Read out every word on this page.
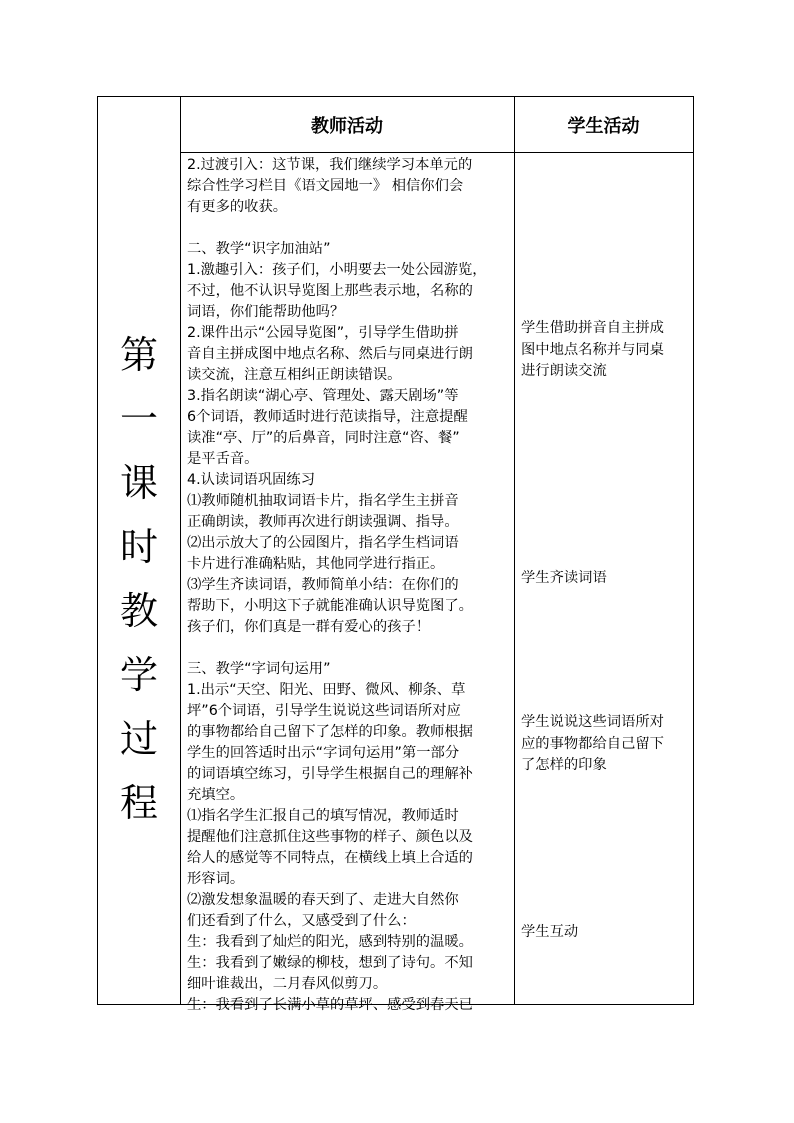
第
一
课
时
教
学
过
程
教师活动	学生活动
2.过渡引入：这节课，我们继续学习本单元的
综合性学习栏目《语文园地一》 相信你们会
有更多的收获。
二、教学“识字加油站”
1.激趣引入：孩子们，小明要去一处公园游览，
不过，他不认识导览图上那些表示地，名称的
词语，你们能帮助他吗？
2.课件出示“公园导览图”，引导学生借助拼
音自主拼成图中地点名称、然后与同桌进行朗
读交流，注意互相纠正朗读错误。
3.指名朗读“湖心亭、管理处、露天剧场”等
6个词语，教师适时进行范读指导，注意提醒
读准“亭、厅”的后鼻音，同时注意“咨、餐”
是平舌音。
4.认读词语巩固练习
⑴教师随机抽取词语卡片，指名学生主拼音
正确朗读，教师再次进行朗读强调、指导。
⑵出示放大了的公园图片，指名学生档词语
卡片进行准确粘贴，其他同学进行指正。
⑶学生齐读词语，教师简单小结：在你们的
帮助下，小明这下子就能准确认识导览图了。
孩子们，你们真是一群有爱心的孩子！
三、教学“字词句运用”
1.出示“天空、阳光、田野、微风、柳条、草
坪”6个词语，引导学生说说这些词语所对应
的事物都给自己留下了怎样的印象。教师根据
学生的回答适时出示“字词句运用”第一部分
的词语填空练习，引导学生根据自己的理解补
充填空。
⑴指名学生汇报自己的填写情况，教师适时
提醒他们注意抓住这些事物的样子、颜色以及
给人的感觉等不同特点，在横线上填上合适的
形容词。
⑵激发想象温暖的春天到了、走进大自然你
们还看到了什么，又感受到了什么：
生：我看到了灿烂的阳光，感到特别的温暖。
生：我看到了嫩绿的柳枝，想到了诗句。不知
细叶谁裁出，二月春风似剪刀。
生：我看到了长满小草的草坪、感受到春天已
学生借助拼音自主拼成
图中地点名称并与同桌
进行朗读交流
学生齐读词语
学生说说这些词语所对
应的事物都给自己留下
了怎样的印象
学生互动
